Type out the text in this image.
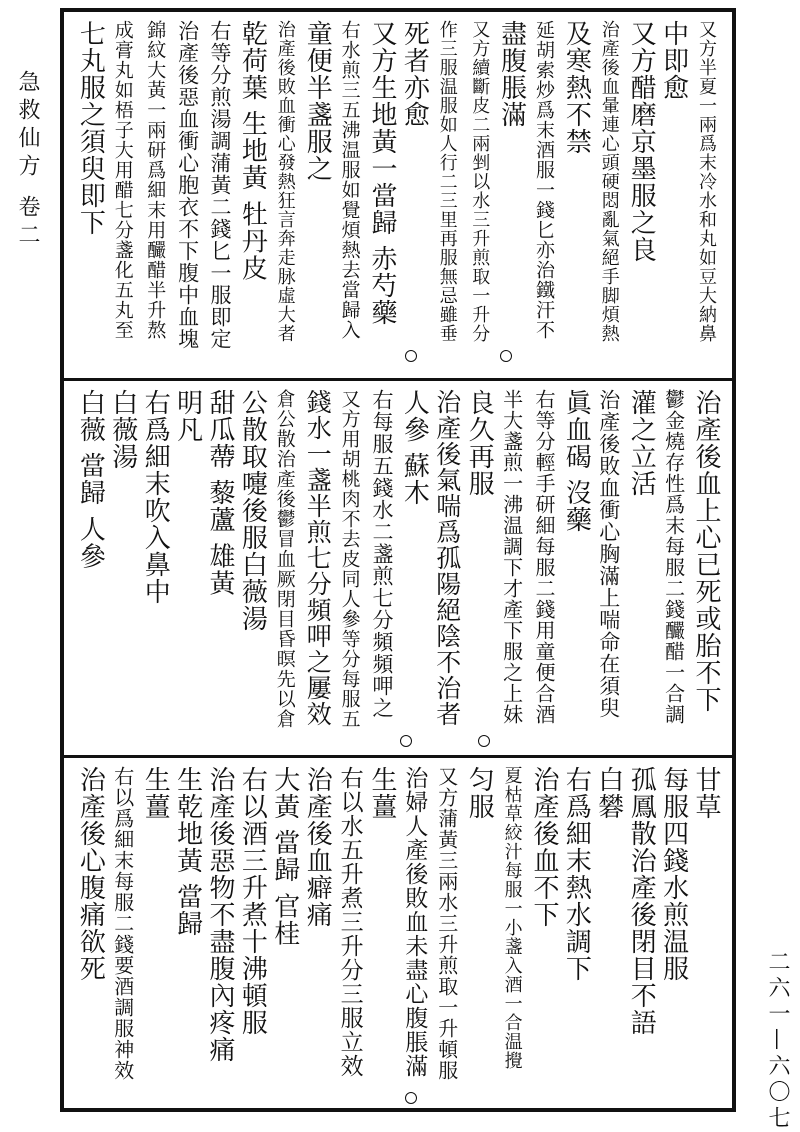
急救仙方 卷二	又方半夏一兩爲末冷水和丸如豆大納鼻
中即愈
又方醋磨京墨服之良
治產後血暈連心頭硬悶亂氣絕手脚煩熱
及寒熱不禁
延胡索炒爲末酒服一錢匕亦治鐵汗不
盡腹脹滿
又方續斷皮二兩剉以水三升煎取一升分
作三服温服如人行二三里再服無忌雖垂
死者亦愈
又方生地黃一當歸 赤芍藥
右水煎三五沸温服如覺煩熱去當歸入
童便半盞服之
治產後敗血衝心發熱狂言奔走脉虛大者
乾荷葉 生地黃 牡丹皮
右等分煎湯調蒲黃二錢匕一服即定
治產後惡血衝心胞衣不下腹中血塊
錦紋大黃一兩研爲細末用釅醋半升熬
成膏丸如梧子大用醋七分盞化五丸至
七丸服之須臾即下
治產後血上心已死或胎不下
鬱金燒存性爲末每服二錢釅醋一合調
灌之立活
治產後敗血衝心胸滿上喘命在須臾
眞血碣 沒藥
右等分輕手研細每服二錢用童便合酒
半大盞煎一沸温調下才產下服之上妹
良久再服
治產後氣喘爲孤陽絕陰不治者
人參 蘇木
右每服五錢水二盞煎七分頻頻呷之
又方用胡桃肉不去皮同人參等分每服五
錢水一盞半煎七分頻呷之屢效
倉公散治產後鬱冒血厥閉目昏暝先以倉
公散取嚏後服白薇湯
甜瓜蔕 藜蘆 雄黃
明凡
右爲細末吹入鼻中
白薇湯
白薇 當歸 人參
甘草
每服四錢水煎温服
孤鳳散治產後閉目不語
白礬
右爲細末熱水調下
治產後血不下
夏枯草絞汁每服一小盞入酒一合温攪
匀服
又方蒲黃三兩水三升煎取一升頓服
治婦人產後敗血未盡心腹脹滿
生薑
右以水五升煮三升分三服立效
治產後血癖痛
大黃 當歸 官桂
右以酒三升煮十沸頓服
治產後惡物不盡腹內疼痛
生乾地黃 當歸
生薑
右以爲細末每服二錢要酒調服神效
治產後心腹痛欲死
二六一—六〇七
